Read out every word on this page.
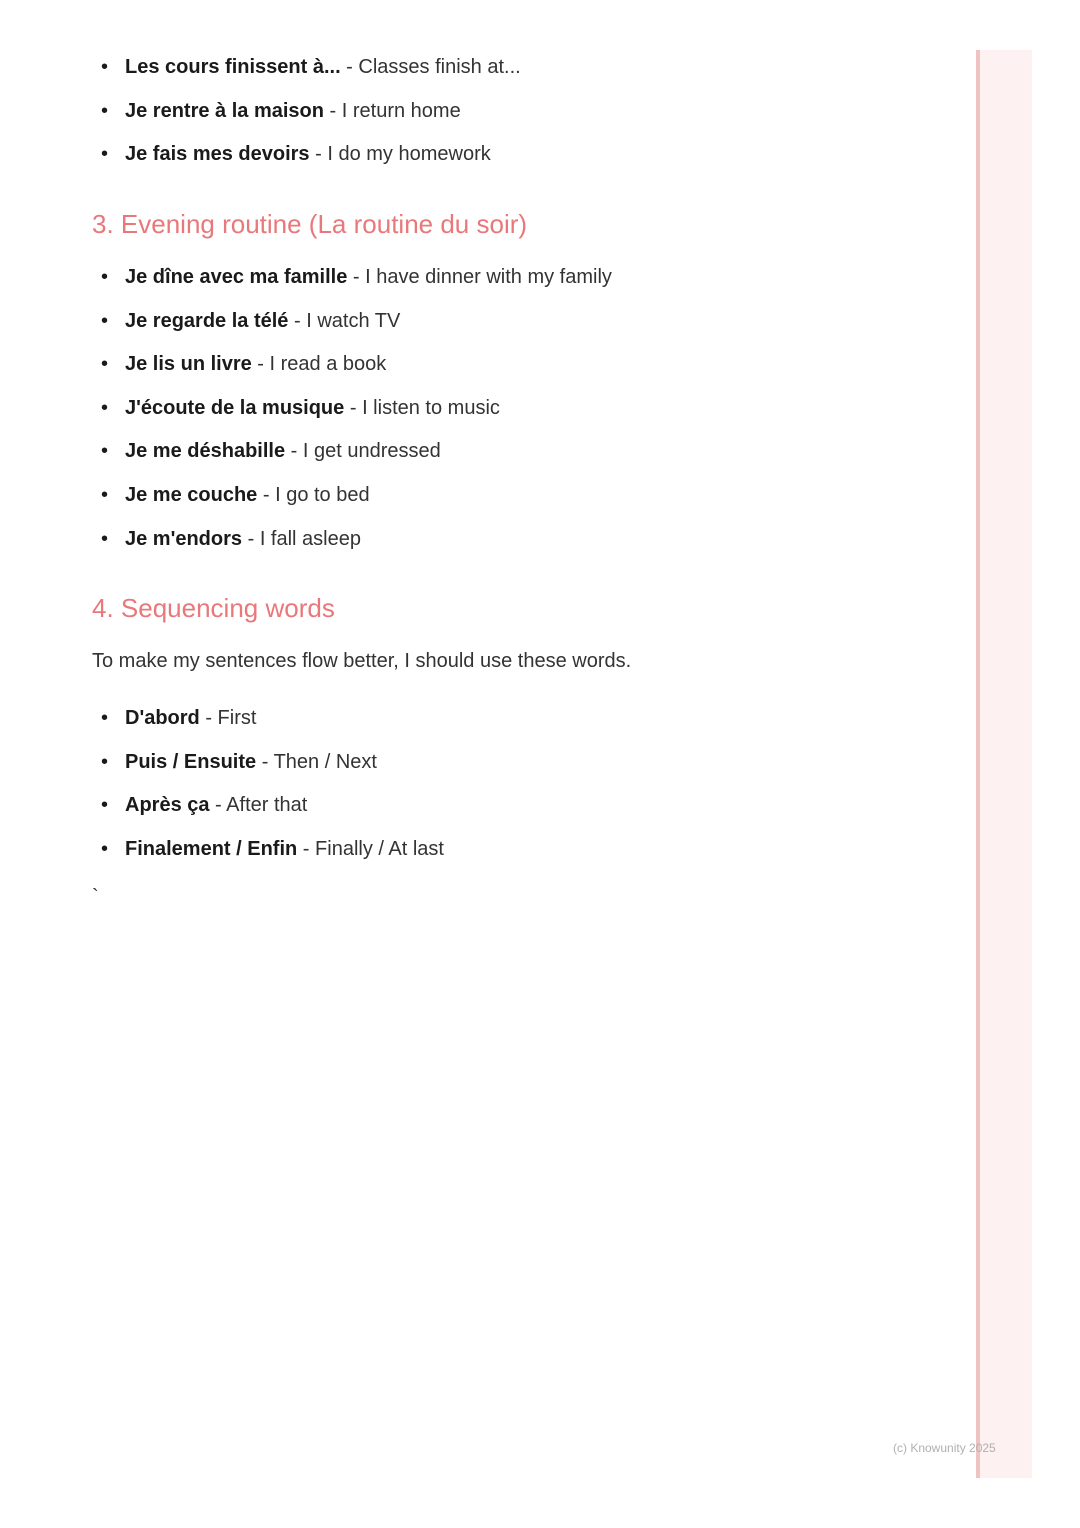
• Les cours finissent à... - Classes finish at...
• Je rentre à la maison - I return home
• Je fais mes devoirs - I do my homework
3. Evening routine (La routine du soir)
• Je dîne avec ma famille - I have dinner with my family
• Je regarde la télé - I watch TV
• Je lis un livre - I read a book
• J'écoute de la musique - I listen to music
• Je me déshabille - I get undressed
• Je me couche - I go to bed
• Je m'endors - I fall asleep
4. Sequencing words

To make my sentences flow better, I should use these words.

• D'abord - First
• Puis / Ensuite - Then / Next
• Après ça - After that
• Finalement / Enfin - Finally / At last
`
(c) Knowunity 2025
